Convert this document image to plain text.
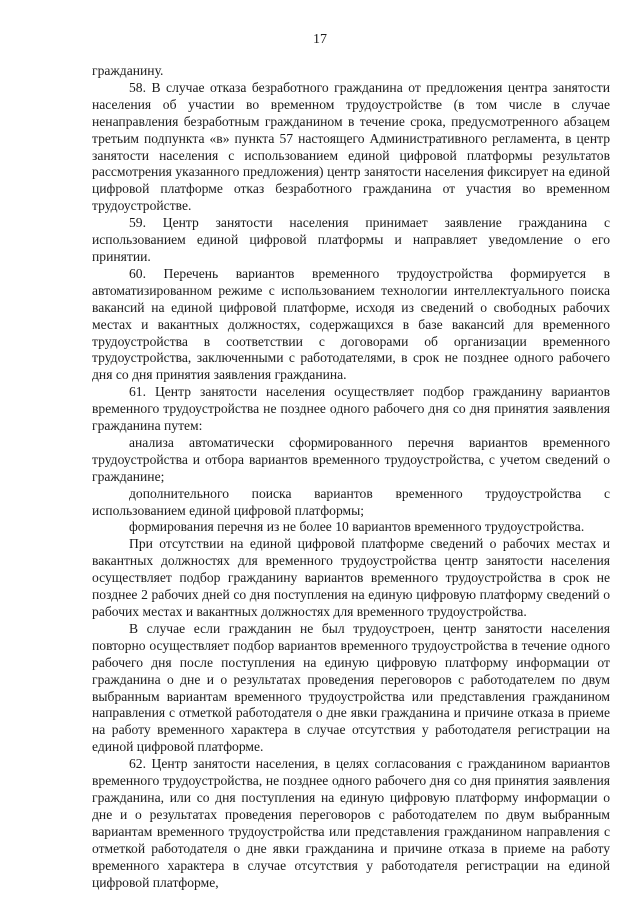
17

гражданину.

58. В случае отказа безработного гражданина от предложения центра занятости населения об участии во временном трудоустройстве (в том числе в случае ненаправления безработным гражданином в течение срока, предусмотренного абзацем третьим подпункта «в» пункта 57 настоящего Административного регламента, в центр занятости населения с использованием единой цифровой платформы результатов рассмотрения указанного предложения) центр занятости населения фиксирует на единой цифровой платформе отказ безработного гражданина от участия во временном трудоустройстве.

59. Центр занятости населения принимает заявление гражданина с использованием единой цифровой платформы и направляет уведомление о его принятии.

60. Перечень вариантов временного трудоустройства формируется в автоматизированном режиме с использованием технологии интеллектуального поиска вакансий на единой цифровой платформе, исходя из сведений о свободных рабочих местах и вакантных должностях, содержащихся в базе вакансий для временного трудоустройства в соответствии с договорами об организации временного трудоустройства, заключенными с работодателями, в срок не позднее одного рабочего дня со дня принятия заявления гражданина.

61. Центр занятости населения осуществляет подбор гражданину вариантов временного трудоустройства не позднее одного рабочего дня со дня принятия заявления гражданина путем:

анализа автоматически сформированного перечня вариантов временного трудоустройства и отбора вариантов временного трудоустройства, с учетом сведений о гражданине;

дополнительного поиска вариантов временного трудоустройства с использованием единой цифровой платформы;

формирования перечня из не более 10 вариантов временного трудоустройства.

При отсутствии на единой цифровой платформе сведений о рабочих местах и вакантных должностях для временного трудоустройства центр занятости населения осуществляет подбор гражданину вариантов временного трудоустройства в срок не позднее 2 рабочих дней со дня поступления на единую цифровую платформу сведений о рабочих местах и вакантных должностях для временного трудоустройства.

В случае если гражданин не был трудоустроен, центр занятости населения повторно осуществляет подбор вариантов временного трудоустройства в течение одного рабочего дня после поступления на единую цифровую платформу информации от гражданина о дне и о результатах проведения переговоров с работодателем по двум выбранным вариантам временного трудоустройства или представления гражданином направления с отметкой работодателя о дне явки гражданина и причине отказа в приеме на работу временного характера в случае отсутствия у работодателя регистрации на единой цифровой платформе.

62. Центр занятости населения, в целях согласования с гражданином вариантов временного трудоустройства, не позднее одного рабочего дня со дня принятия заявления гражданина, или со дня поступления на единую цифровую платформу информации о дне и о результатах проведения переговоров с работодателем по двум выбранным вариантам временного трудоустройства или представления гражданином направления с отметкой работодателя о дне явки гражданина и причине отказа в приеме на работу временного характера в случае отсутствия у работодателя регистрации на единой цифровой платформе,
